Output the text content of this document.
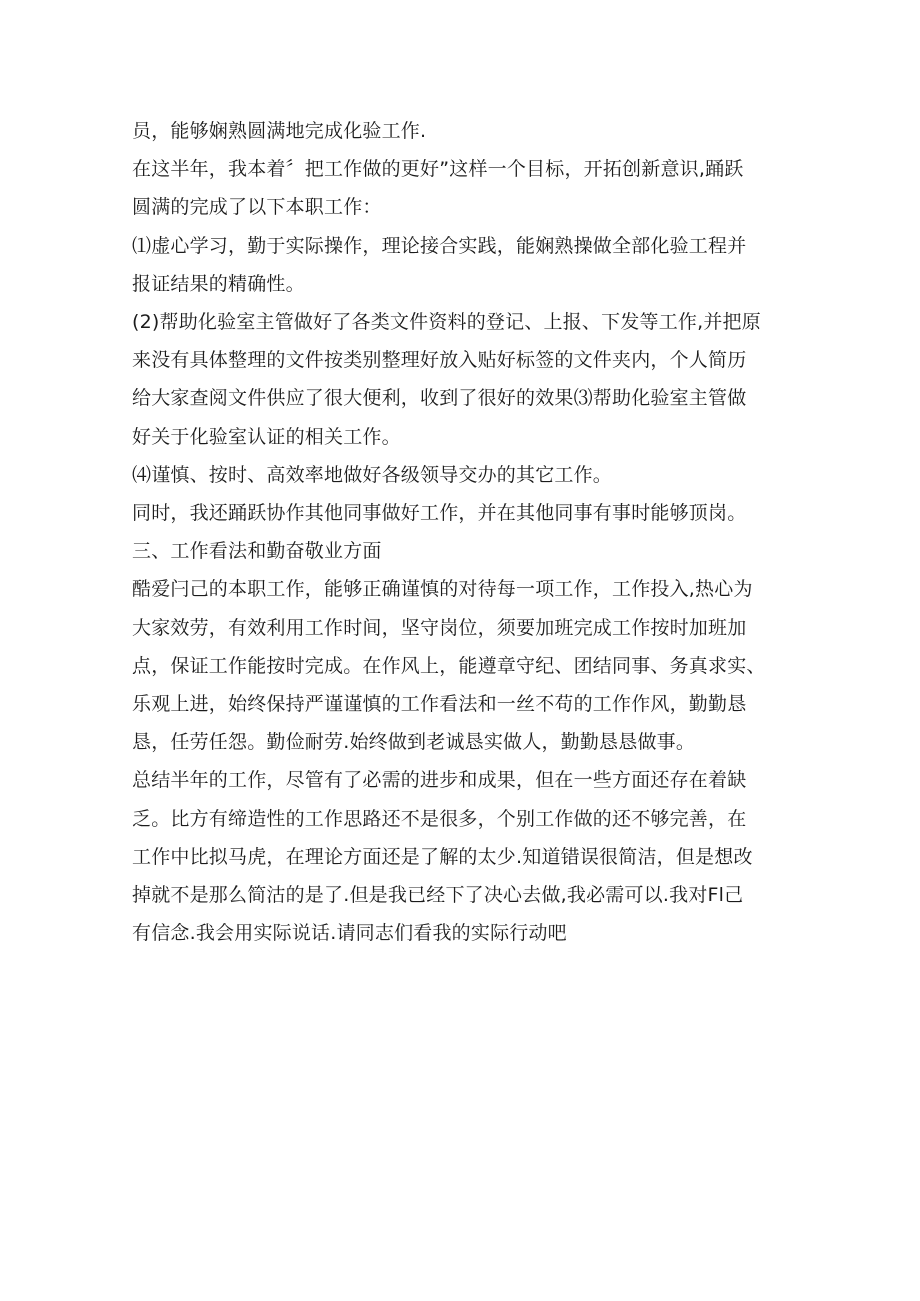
员，能够娴熟圆满地完成化验工作.

在这半年，我本着〞把工作做的更好”这样一个目标，开拓创新意识,踊跃
圆满的完成了以下本职工作：

⑴虚心学习，勤于实际操作，理论接合实践，能娴熟操做全部化验工程并
报证结果的精确性。

(2)帮助化验室主管做好了各类文件资料的登记、上报、下发等工作,并把原
来没有具体整理的文件按类别整理好放入贴好标签的文件夹内，个人简历
给大家查阅文件供应了很大便利，收到了很好的效果⑶帮助化验室主管做
好关于化验室认证的相关工作。

⑷谨慎、按时、高效率地做好各级领导交办的其它工作。

同时，我还踊跃协作其他同事做好工作，并在其他同事有事时能够顶岗。

三、工作看法和勤奋敬业方面

酷爱闩己的本职工作，能够正确谨慎的对待每一项工作，工作投入,热心为
大家效劳，有效利用工作时间，坚守岗位，须要加班完成工作按时加班加
点，保证工作能按时完成。在作风上，能遵章守纪、团结同事、务真求实、
乐观上进，始终保持严谨谨慎的工作看法和一丝不苟的工作作风，勤勤恳
恳，任劳任怨。勤俭耐劳.始终做到老诚恳实做人，勤勤恳恳做事。

总结半年的工作，尽管有了必需的进步和成果，但在一些方面还存在着缺
乏。比方有缔造性的工作思路还不是很多，个别工作做的还不够完善，在
工作中比拟马虎，在理论方面还是了解的太少.知道错误很简洁，但是想改
掉就不是那么简沽的是了.但是我已经下了决心去做,我必需可以.我对Fl己
有信念.我会用实际说话.请同志们看我的实际行动吧
